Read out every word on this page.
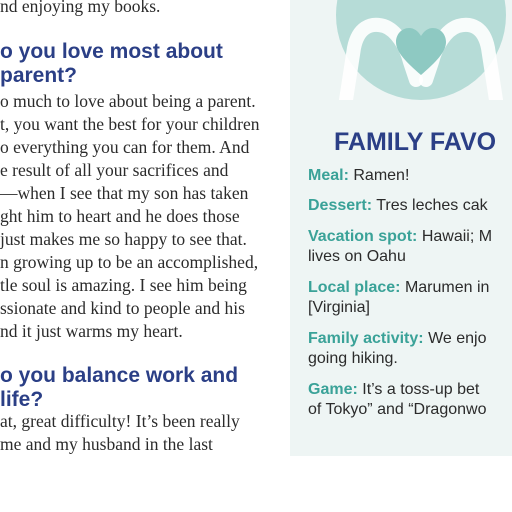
nd enjoying my books.
o you love most about
parent?
o much to love about being a parent.
t, you want the best for your children
o everything you can for them. And
e result of all your sacrifices and
—when I see that my son has taken
ght him to heart and he does those
just makes me so happy to see that.
n growing up to be an accomplished,
tle soul is amazing. I see him being
ssionate and kind to people and his
nd it just warms my heart.
o you balance work and
life?
at, great difficulty! It’s been really
me and my husband in the last
FAMILY FAVO
Meal: Ramen!
Dessert: Tres leches cak
Vacation spot: Hawaii; M
lives on Oahu
Local place: Marumen in
[Virginia]
Family activity: We enjo
going hiking.
Game: It’s a toss-up bet
of Tokyo” and “Dragonwo
